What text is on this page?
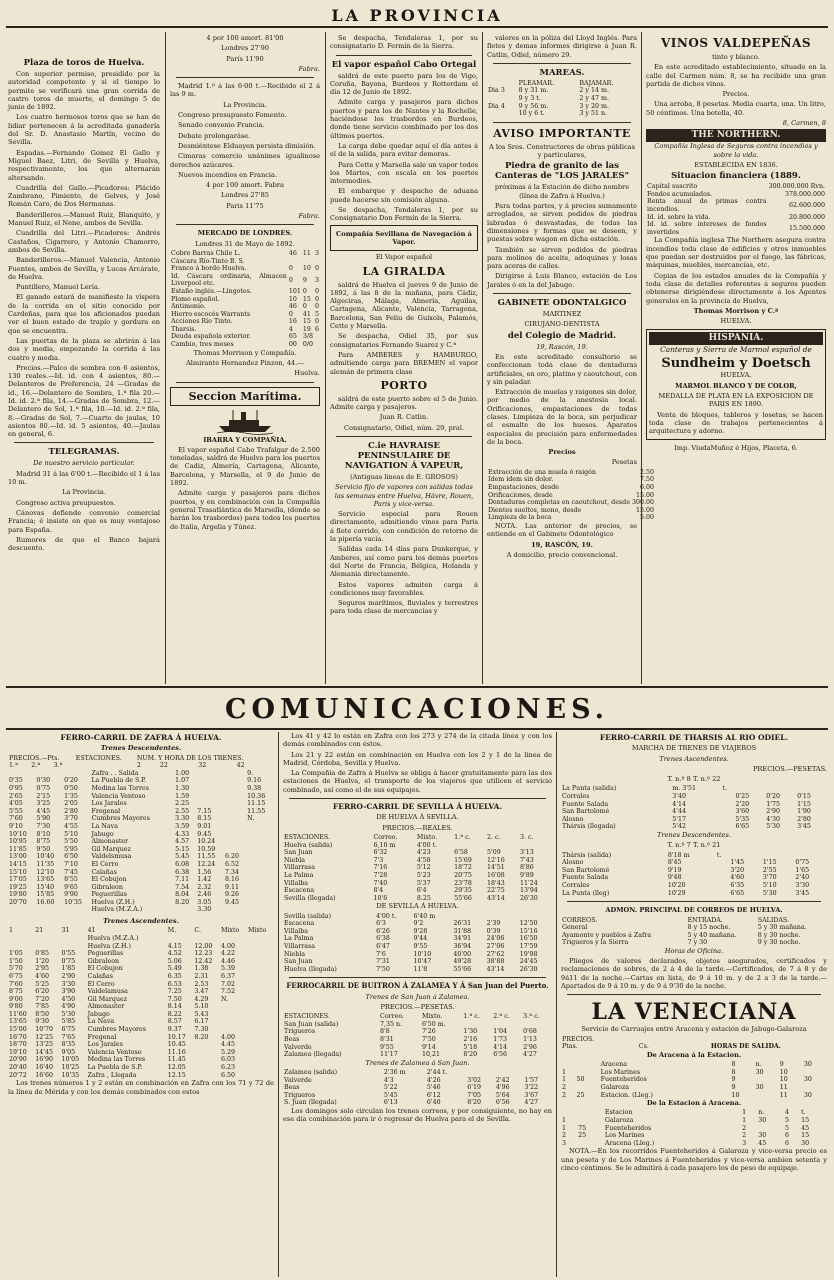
LA PROVINCIA
Plaza de toros de Huelva.

Con superior permiso, presidido por la autoridad competente y si el tiempo lo permite se verificará una gran corrida de castro toros de muerte, el domingo 5 de junio de 1892.

Los cuatro hermosos toros que se han de lidiar pertenecen á la acreditada ganadería del Sr. D. Anastasio Martín, vecino de Sevilla.

Espadas.—Fernando Gomez El Gallo y Miguel Baez, Litri, de Sevilla y Huelva, respectivamente, los que alternarán altersando.

Cuadrilla del Gallo.—Picadores: Plácido Zambrano, Pimiento, de Gelves, y José Román Caro, de Dos Hermanas.

Banderilleros.—Manuel Ruiz, Blanquito, y Manuel Ruiz, el Nene, ambos de Sevilla.

Cuadrilla del Litri.—Picadores: Andrés Castaños, Cigarrero, y Antonio Chamorro, ambos de Sevilla.

Banderilleros.—Manuel Valencia, Antonio Fuentes, ambos de Sevilla, y Lucas Arcárate, de Huelva.

Puntillero, Manuel Lería.

El ganado estará de manifiesto la víspera de la corrida en el sitio conocido por Cardeñas, para que los aficionados puedan ver el buen estado de trapío y gordura en que se encuentra.

Las puertas de la plaza se abrirán á las dos y media, empezando la corrida á las cuatro y media.

Precios.—Palco de sombra con 6 asientos, 130 reales.—Id. id. con 4 asientos, 80.—Delanteros de Preferencia, 24 —Gradas de id., 16.—Delantero de Sombra, 1.ª fila 20.—Id. id. 2.ª fila, 14.—Gradas de Sombra, 12.—Delantero de Sol, 1.ª fila, 10.—Id. id. 2.ª fila, 8.—Gradas de Sol, 7.—Cuarto de jaulas, 10 asientos 80.—Id. id. 5 asientos, 40.—Jaulas en general, 6.

TELEGRAMAS.

De nuestro servicio particular.

Madrid 31 á las 6'00 t.—Recibido el 1 á las 10 m.

La Provincia.

Congreso activa preupuestos.

Cánovas defiende convenio comercial Francia; é insiste en que es muy ventajoso para España.

Rumores de que el Banco bajará descuento.

4 por 100 amort. 81'00

Londres 27'90

París 11'90

Fabra.

Madrid 1.º á las 6·00 t.—Recibido el 2 á las 9 m.

La Provincia.

Congreso presupuesto Fomento.

Senado convenio Francia.

Debate prolongaráse.

Desmiéntese Elduayen persista dimisión.

Cimaras comercio unánimes igualinose derechos azúcares.

Nuevos incendios en Francia.

4 por 100 amort. Fabra

Londres 27'85

Paris 11'75

Fabra.

MERCADO DE LONDRES.

Londres 31 de Mayo de 1892.

Cobre Barras Chile L.	46	11	3
Cáscara Río-Tinto B. S.			
Franco á bordo Huelva.	0	10	0
Id. Cáscara ordinaria, Almacen Liverpool etc.	0	9	3
Estaño inglés.—Lingotes.	101	0	0
Plomo español.	10	15	0
Antimonio.	46	0	0
Hierro escocés Warrants	0	41	5
Acciones Río Tinto.	16	15	0
Tharsis.	4	19	6
Deuda española exterior.	65	3/8	
Cambio, tres meses	00	0/0	

Thomas Morrison y Compañía.

Almirante Hernandez Pinzon, 44.—

Huelva.

Seccion Marítima.
IBARRA Y COMPAÑIA.

El vapor español Cabo Trafalgar de 2.500 toneladas, saldrá de Huelva para los puertos de Cadiz, Almería, Cartagena, Alicante, Barcelona, y Marsella, el 9 de Junio de 1892.

Admite carga y pasajeros para dichos puertos, y en combinación con la Compañía general Trasatlántica de Marsella, (donde se harán los trasbordos) para todos los puertos de Italia, Argelia y Túnez.

Se despacha, Tendaleras 1, por su consignatario D. Fermín de la Sierra.

El vapor español Cabo Ortegal

saldrá de este puerto para los de Vigo, Coruña, Bayona, Burdeos y Rotterdam el día 12 de Junio de 1892.

Admite carga y pasajeros para dichos puertos y para los de Nantes y la Rochelle, haciéndose los trasbordos en Burdeos, donde tiene servicio combinado por los dos últimos puertos.

La carga debe quedar aquí el día antes á el de la salida, para evitar demoras.

Para Cette y Marsella sale un vapor todos los Martes, con escala en los puertos intermedios.

El embarque y despacho de aduana puede hacerse sin comisión alguna.

Se despacha, Tendaleras 1, por su Consignatario Don Fermín de la Sierra.

Compañía Sevillana de Navegación á Vapor.

El Vapor español

LA GIRALDA

saldrá de Huelva el jueves 9 de Junio de 1892, á las 8 de la mañana, para Cádiz, Algeciras, Málaga, Almería, Aguilas, Cartagena, Alicante, Valencia, Tarragona, Barcelona, San Feliu de Guixols, Palamós, Cette y Marsella.

Se despacha, Odiel 35, por sus consignatarios Fernando Suarez y C.ª

Para AMBERES y HAMBURGO, admitiendo carga para BREMEN el vapor alemán de primera clase

PORTO

saldrá de este puerto sobre el 5 de Junio. Admite carga y pasajeros.

Juan R. Catlin.

Consignatario, Odiel, núm. 29, pral.

C.ie HAVRAISE PENINSULAIRE DE NAVIGATION Á VAPEUR,

(Antiguas lineas de E. GROSOS)

Servicio fijo de vapores con salidas todas las semanas entre Huelva, Hâvre, Rouen, Paris y vice-versa.

Servicio especial para Rouen directamente, admitiendo vinos para Paris á flete corrido, con condición de retorno de la pipería vacía.

Salidas cada 14 días para Dunkerque, y Amberes, así como para los demás puertos del Norte de Francia, Bélgica, Holanda y Alemania directamente.

Estos vapores admiten carga á condiciones muy favorables.

Seguros marítimos, fluviales y terrestres para toda clase de mercancías y

valores en la póliza del Lloyd Inglés. Para fletes y demas informes dirigirse á Juan R. Catlin, Odiel, número 29.

MAREAS.
	PLEAMAR.	BAJAMAR.
Dia 3	8 y 31 m.	2 y 14 m.
	9 y 3 t.	2 y 47 m.
Dia 4	9 y 56 m.	3 y 20 m.
	10 y 6 t.	3 y 51 n.
AVISO IMPORTANTE

A los Sres. Constructores de obras públicas y particulares,

Piedra de granito de las Canteras de "LOS JARALES"

próximas á la Estación de dicho nombre (línea de Zafra á Huelva.)

Para todas partes, y á precios sumamente arreglados, se sirven pedidos de piedras labradas ó desvastadas, de todas las dimensiones y formas que se deseen, y puestas sobre wagon en dicha estación.

También se sirven pedidos de piedras para molinos de aceite, adoquines y losas para aceras de calles.

Dirigirse á Luis Blanco, estación de Los Jarales ó en la del Jabugo.

GABINETE ODONTALGICO

MARTINEZ

CIRUJANO-DENTISTA

del Colegio de Madrid.

19, Rascón, 19.

En este acreditado consultorio se confeccionan toda clase de dentaduras artificiales, en oro, platino y caoutchout, con y sin paladar.

Extracción de muelas y raigones sin dolor, por medio de la anestesia local. Orificaciones, empastaciones de todas clases. Limpieza de la boca, sin perjudicar el esmalte de los huesos. Aparatos especiales de precisión para enfermedades de la boca.

Precios

Pesetas

Extracción de una muela ó raigón	2.50
Idem idem sin dolor.	7.50
Empastaciones, desde	6.00
Orificaciones, desde	15.00
Dentaduras completas en caoutchout, desde	300.00
Dientes sueltos, mono, desde	15.00
Limpieza de la boca	5.00

NOTA. Las anterior de precios, se entiende en el Gabinete Odontológico

19, RASCÓN, 19.

A domicilio, precio convencional.

VINOS VALDEPEÑAS

tinto y blanco.

En este acreditado establecimiento, situado en la calle del Carmen núm. 8, se ha recibido una gran partida de dichos vinos.

Precios.

Una arroba, 8 pesetas. Media cuarta, una. Un litro, 50 céntimos. Una botella, 40.

8, Carmen, 8

THE NORTHERN.

Compañía Inglesa de Seguros contra incendios y sobre la vida.

ESTABLECIDA EN 1836.

Situacion financiera (1889.
Capital suscrito	300.000.000 Rvn.
Fondos acumulados.	378.000.000
Renta anual de primas contra incendios.	62.600.000
Id. id. sobre la vida.	20.800.000
Id. id. sobre intereses de fondos invertidos	15.500.000

La Compañía inglesa The Northern asegura contra incendios toda clase de edificios y otros inmuebles que puedan ser destruidos por el fuego, las fábricas, máquinas, muebles, mercancías, etc.

Copias de los estados anuales de la Compañía y toda clase de detalles referentes á seguros pueden obtenerse dirigiéndose directamente á los Agentes generales en la provincia de Huelva,

Thomas Morrison y C.ª

HUELVA.

HISPANIA.

Canteras y Sierra de Marmol español de

Sundheim y Doetsch

HUELVA.

MARMOL BLANCO Y DE COLOR,

MEDALLA DE PLATA EN LA EXPOSICION DE PARIS EN 1890.

Venta de bloques, tableros y losetas; se hacen toda clase de trabajos pertenecientes á arquitectura y adorno.

Imp. ViudaMuñoz é Hijos, Placeta, 6.

COMUNICACIONES.
FERRO-CARRIL DE ZAFRA Á HUELVA.
Trenes Descendentes.
PRECIOS.—Pts.			ESTACIONES.	NUM. Y HORA DE LOS TRENES.			
1.ª	2.ª	3.ª		2	22	32	42
			Zafra . . Salida	1.00			9.
0'35	0'30	0'20	La Puebla de S.P.	1.07			9.16
0'95	0'75	0'50	Medina las Torres	1.30			9.38
2'65	2'15	1'35	Valencia Ventoso	1.59			10.36
4'05	3'25	2'05	Los Jarales	2.25			11.15
5'55	4'45	2'80	Fregenal	2.55	7.15		11.55
7'60	5'90	3'70	Cumbres Mayores	3.30	8.15		N.
9'10	7'30	4'55	La Nava	3.59	9.01		
10'10	8'10	5'10	Jabugo	4.33	9.45		
10'95	8'75	5'50	Almonaster	4.57	10.24		
11'85	9'50	5'95	Gil Marquez	5.15	10.59		
13'00	10'40	6'50	Valdelsmusa	5.45	11.55	6.20	
14'15	11'35	7'10	El Cerro	6.08	12.24	6.52	
15'10	12'10	7'45	Calañas	6.38	1.56	7.34	
17'05	13'65	8'55	El Cobujon	7.11	1.42	8.16	
19'25	15'40	9'65	Gibraleon	7.54	2.32	9.11	
19'80	15'85	9'90	Peguerillas	8.04	2.46	9.26	
20'70	16.60	10'35	Huelva (Z.H.)	8.20	3.05	9.45	
			Huelva (M.Z.A.)		3.30		
Trenes Ascendentes.
1	21	31	41	M.	C.	Mixto	Mixto
			Huelva (M.Z.A.)				
			Huelva (Z.H.)	4.15	12.00	4.00	
1'05	0'85	0'55	Peguerillas	4.52	12.23	4.22	
1'50	1'20	0'75	Gibraleon	5.06	12.42	4.46	
5'70	2'95	1'85	El Cobujon	5.49	1.38	5.39	
6'75	4'60	2'90	Calañas	6.35	2.31	6.37	
7'60	5'25	3'30	El Cerro	6.53	2.53	7.02	
8'75	6'20	3'90	Valdelamusa	7.25	3.47	7.52	
9'00	7'20	4'50	Gil Marquez	7.50	4.29	N.	
9'80	7'85	4'90	Almonaster	8.14	5.10		
11'60	8'50	5'30	Jabugo	8.22	5.43		
13'65	9'30	5'85	La Nava	8.57	6.17		
15'00	10'70	6'75	Cumbres Mayores	9.37	7.30		
16'70	12'25	7'65	Fregenal	10.17	8.20	4.00	
18'70	13'25	8'35	Los Jarales	10.45		4.45	
19'10	14'45	9'05	Valencia Ventoso	11.16		5.29	
20'90	16'90	10'05	Medina las Torres	11.45		6.03	
20'40	16'40	10'25	La Puebla de S.P.	12.05		6.23	
20'72	16'60	10'35	Zafra , Llegada	12.15		6.50	

Los trenes números 1 y 2 están en combinación en Zafra con los 71 y 72 de la línea de Mérida y con los demás combinados con estos

Los 41 y 42 lo están en Zafra con los 273 y 274 de la citada línea y con los demás combinados con éstos.

Los 21 y 22 están en combinación en Huelva con los 2 y 1 de la línea de Madrid, Córdoba, Sevilla y Huelva.

La Compañía de Zafra á Huelva se obliga á hacer gratuitamente para las dos estaciones de Huelva, el transporte de los viajeros que utilicen el servicio combinado, así como el de sus equipajes.

FERRO-CARRIL DE SEVILLA Á HUELVA.

DE HUELVA Á SEVILLA.

PRECIOS.—REALES.

ESTACIONES.	Correo.	Mixto.	1.ª c.	2. c.	3. c.
Huelva (salida)	6,10 m	4'00 t.			
San Juan	6'32	4'23	6'58	5'09	3'13
Niebla	7'3	4'58	15'69	12'16	7'43
Villarrasa	7'16	5'12	18'72	14'51	8'86
La Palma	7'28	5'23	20'75	16'08	9'89
Villalba	7'40	5'37	23'78	18'43	11'24
Escacena	8'4	6'4	29'35	22'75	13'94
Sevilla (llegada)	10'6	8.25	55'66	43'14	26'30

DE SEVILLA Á HUELVA.

Sevilla (salida)	4'00 t.	6'40 m			
Escacena	6'3	9'2	26'31	2'39	12'50
Villalba	6'26	9'28	31'88	0'39	15'16
La Palma	6'38	9'44	34'91	24'06	16'50
Villarrasa	6'47	9'55	36'94	27'06	17'59
Niebla	7'6	10'10	40'00	27'62	19'98
San Juan	7'31	10'47	49'28	38'88	24'45
Huelva (llegada)	7'50	11'8	55'66	43'14	26'30
FERROCARRIL DE BUITRON Á ZALAMEA Y Á San Juan del Puerto.

Trenes de San Juan á Zalamea.

PRECIOS.—PESETAS.

ESTACIONES.	Correo.	Mixto.	1.ª c.	2.ª c.	3.ª c.
San Juan (salida)	7,35 n.	6'50 m.			
Trigueros	8'8	7'26	1'30	1'04	0'68
Beas	8'31	7'50	2'16	1'73	1'13
Valverde	9'55	9'14	5'18	4'14	2'96
Zalamea (llegada)	11'17	10,21	8'20	6'56	4'27

Trenes de Zalamea á San Juan.

Zalamea (salida)	2'36 m	2'44 t.			
Valverde	4'3	4'26	3'02	2'42	1'57
Beas	5'22	5'46	6'19	4'96	3'22
Trigueros	5'45	6'12	7'05	5'64	3'67
S. Juan (llegada)	6'13	6'40	8'20	6'56	4'27

Los domingos solo circulan los trenes correos, y por consiguiente, no hay en ese día combinación para ir ó regresar de Huelva para el de Sevilla.

FERRO-CARRIL DE THARSIS AL RIO ODIEL.

MARCHA DE TRENES DE VIAJEROS

Trenes Ascendentes.

PRECIOS.—PESETAS.

T. n.º 8 T. n.º 22

La Punta (salida)	m. 3'51	t.			
Corrales	3'40		0'25	0'20	0'15
Fuente Salada	4'14		2'20	1'75	1'15
San Bartolomé	4'44		3'60	2'90	1'90
Alosno	5'17		5'35	4'30	2'80
Thársis (llegada)	5'42		6'65	5'30	3'45

Trenes Descendentes.

T. n.º 7 T. n.º 21

Thársis (salida)	8'18 m	t.			
Alosno	8'45		1'45	1'15	0'75
San Bartolomé	9'19		3'20	2'55	1'65
Fuente Salada	9'48		4'60	3'70	2'40
Corrales	10'20		6'35	5'10	3'30
La Punta (lleg)	10'29		6'65	5'30	3'45
ADMON. PRINCIPAL DE CORREOS DE HUELVA.
CORREOS.	ENTRADA.	SALIDAS.
General	8 y 15 noche.	5 y 30 mañana.
Ayamonte y pueblos á Zafra	5 y 40 mañana.	8 y 30 noche.
Trigueros y la Sierra	7 y 30	9 y 30 noche.

Horas de Oficina.

Pliegos de valores declarados, objetos asegurados, certificados y reclamaciones de sobres, de 2 á 4 de la tarde.—Certificados, de 7 á 8 y de 9á11 de la noche.—Cartas en lista, de 9 á 10 m. y de 2 a 3 de la tarde.—Apartados de 9 á 10 m. y de 9 á 9'30 de la noche.

LA VENECIANA

Servicio de Carruajes entre Aracena y estación de Jabugo-Galaroza

PRECIOS.		
Ptas.	Cs.	HORAS DE SALIDA.

De Aracena á la Estacion.

		Aracena	8	n.	9	30
1		Los Marines	8	30	10	
1	50	Fuenteheridos	9		10	30
2		Galaroza	9	30	11	
2	25	Estacion. (Lleg.)	10		11	30

De la Estacion á Aracena.

		Estacion	1	n.	4	t.
1		Galaroza	1	30	5	15
1	75	Fuenteheridos	2		5	45
2	25	Los Marines	2	30	6	15
3		Aracena (Lleg.)	3	45	6	30

NOTA.—En los recorridos Fuenteheridos á Galaroza y vice-versa precio es una peseta y de Los Marines á Fuenteheridos y vice-versa ambien setenta y cinco céntimos. Se le admitirá á cada pasajero los de peso de equipaje.
